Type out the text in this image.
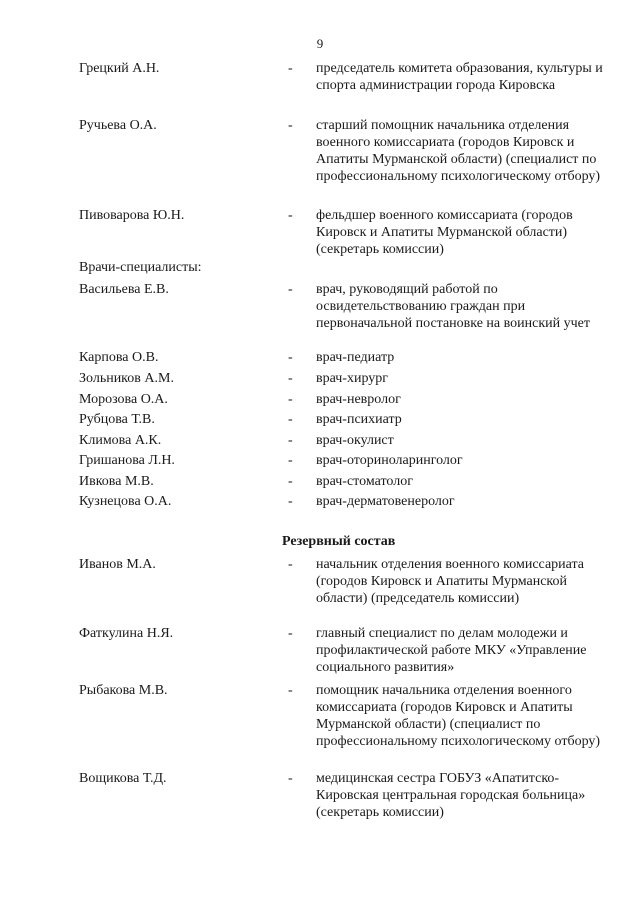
9
Грецкий А.Н.	- председатель комитета образования, культуры и спорта администрации города Кировска
Ручьева О.А.	- старший помощник начальника отделения военного комиссариата (городов Кировск и Апатиты Мурманской области) (специалист по профессиональному психологическому отбору)
Пивоварова Ю.Н.	- фельдшер военного комиссариата (городов Кировск и Апатиты Мурманской области) (секретарь комиссии)
Врачи-специалисты:
Васильева Е.В.	- врач, руководящий работой по освидетельствованию граждан при первоначальной постановке на воинский учет
Карпова О.В.	- врач-педиатр
Зольников А.М.	- врач-хирург
Морозова О.А.	- врач-невролог
Рубцова Т.В.	- врач-психиатр
Климова А.К.	- врач-окулист
Гришанова Л.Н.	- врач-оториноларинголог
Ивкова М.В.	- врач-стоматолог
Кузнецова О.А.	- врач-дерматовенеролог
Резервный состав
Иванов М.А.	- начальник отделения военного комиссариата (городов Кировск и Апатиты Мурманской области) (председатель комиссии)
Фаткулина Н.Я.	- главный специалист по делам молодежи и профилактической работе МКУ «Управление социального развития»
Рыбакова М.В.	- помощник начальника отделения военного комиссариата (городов Кировск и Апатиты Мурманской области) (специалист по профессиональному психологическому отбору)
Вощикова Т.Д.	- медицинская сестра ГОБУЗ «Апатитско-Кировская центральная городская больница» (секретарь комиссии)
